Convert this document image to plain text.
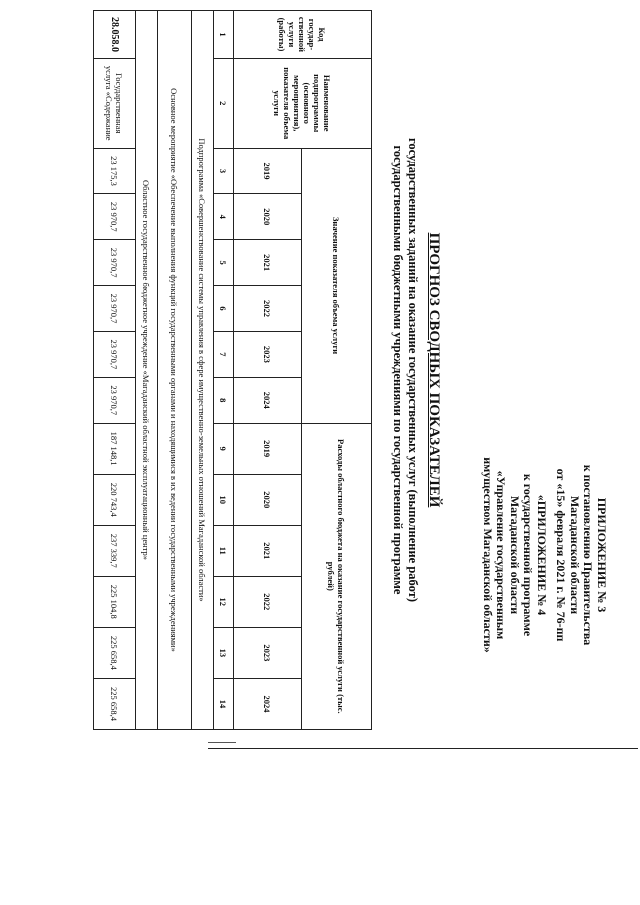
ПРИЛОЖЕНИЕ № 3
к постановлению Правительства
Магаданской области
от «15» февраля 2021 г. № 76-пп
«ПРИЛОЖЕНИЕ № 4
к государственной программе
Магаданской области
«Управление государственным
имуществом Магаданской области»
ПРОГНОЗ СВОДНЫХ ПОКАЗАТЕЛЕЙ
государственных заданий на оказание государственных услуг (выполнение работ)
государственными бюджетными учреждениями по государственной программе
Код государ-ственной услуги (работы)	Наименование подпрограммы (основного мероприятия), показателя объема услуги	Значение показателя объема услуги						Расходы областного бюджета на оказание государственной услуги (тыс. рублей)					
		2019	2020	2021	2022	2023	2024	2019	2020	2021	2022	2023	2024
1	2	3	4	5	6	7	8	9	10	11	12	13	14
Подпрограмма «Совершенствование системы управления в сфере имущественно-земельных отношений Магаданской области»													
Основное мероприятие «Обеспечение выполнения функций государственными органами и находящимися в их ведении государственными учреждениями»													
Областное государственное бюджетное учреждение «Магаданский областной эксплуатационный центр»													
28.058.0	Государственная услуга «Содержание	23 175,3	23 970,7	23 970,7	23 970,7	23 970,7	23 970,7	187 148,1	220 743,4	237 339,7	225 104,8	225 658,4	225 658,4
